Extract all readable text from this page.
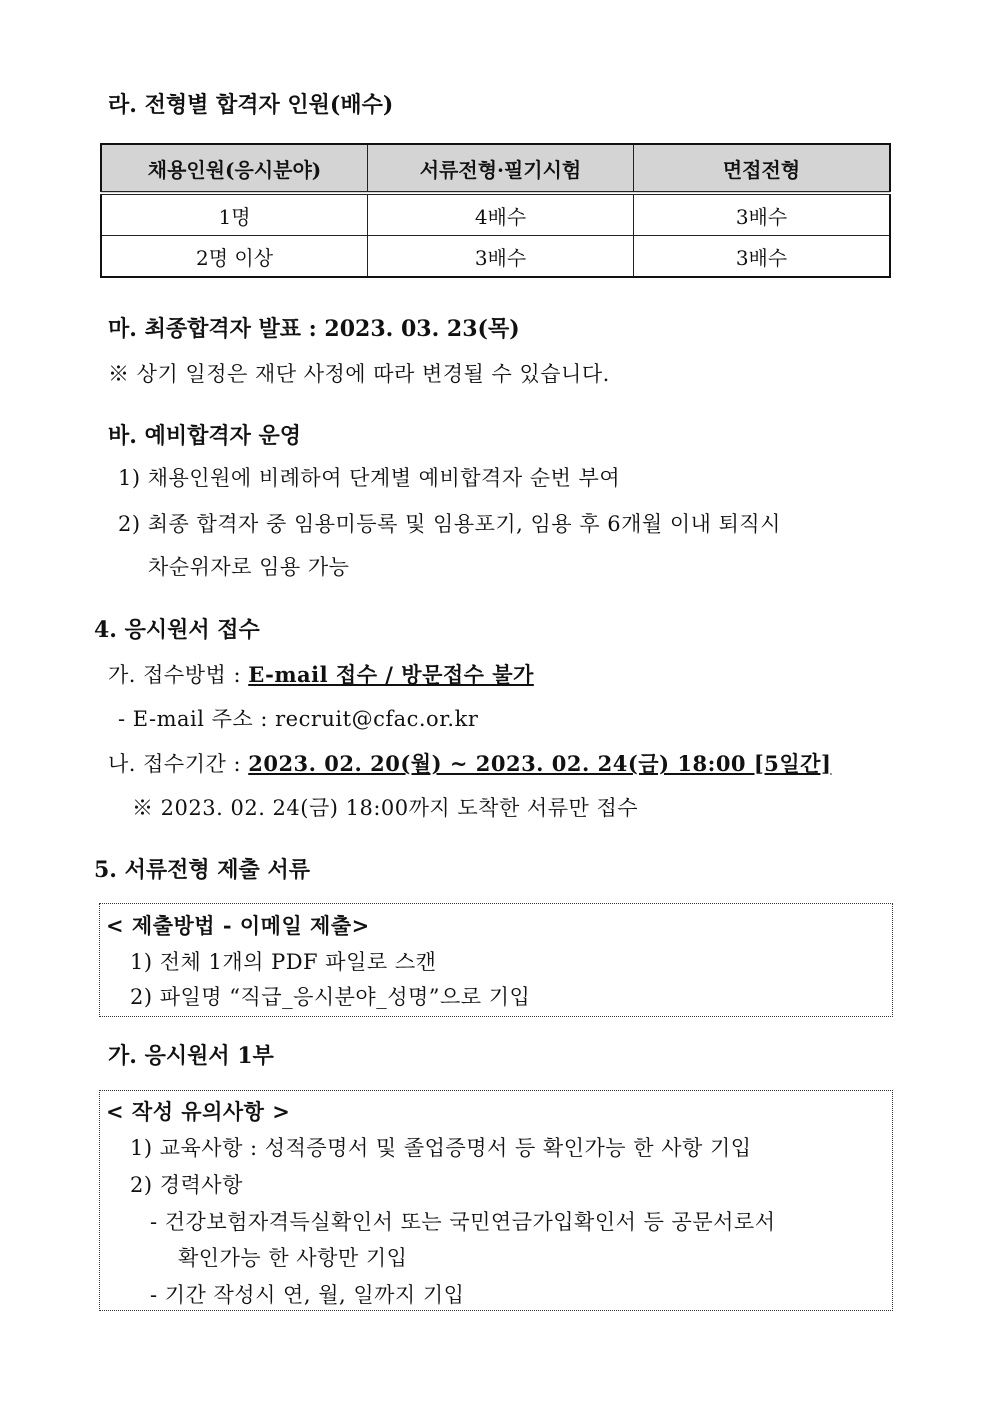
라. 전형별 합격자 인원(배수)
채용인원(응시분야)	서류전형·필기시험	면접전형
1명	4배수	3배수
2명 이상	3배수	3배수
마. 최종합격자 발표 : 2023. 03. 23(목)
※ 상기 일정은 재단 사정에 따라 변경될 수 있습니다.
바. 예비합격자 운영
1) 채용인원에 비례하여 단계별 예비합격자 순번 부여
2) 최종 합격자 중 임용미등록 및 임용포기, 임용 후 6개월 이내 퇴직시
차순위자로 임용 가능
4. 응시원서 접수
가. 접수방법 : E-mail 접수 / 방문접수 불가
- E-mail 주소 : recruit@cfac.or.kr
나. 접수기간 : 2023. 02. 20(월) ~ 2023. 02. 24(금) 18:00 [5일간]
※ 2023. 02. 24(금) 18:00까지 도착한 서류만 접수
5. 서류전형 제출 서류
< 제출방법 - 이메일 제출>
1) 전체 1개의 PDF 파일로 스캔
2) 파일명 “직급_응시분야_성명”으로 기입
가. 응시원서 1부
< 작성 유의사항 >
1) 교육사항 : 성적증명서 및 졸업증명서 등 확인가능 한 사항 기입
2) 경력사항
- 건강보험자격득실확인서 또는 국민연금가입확인서 등 공문서로서
확인가능 한 사항만 기입
- 기간 작성시 연, 월, 일까지 기입
